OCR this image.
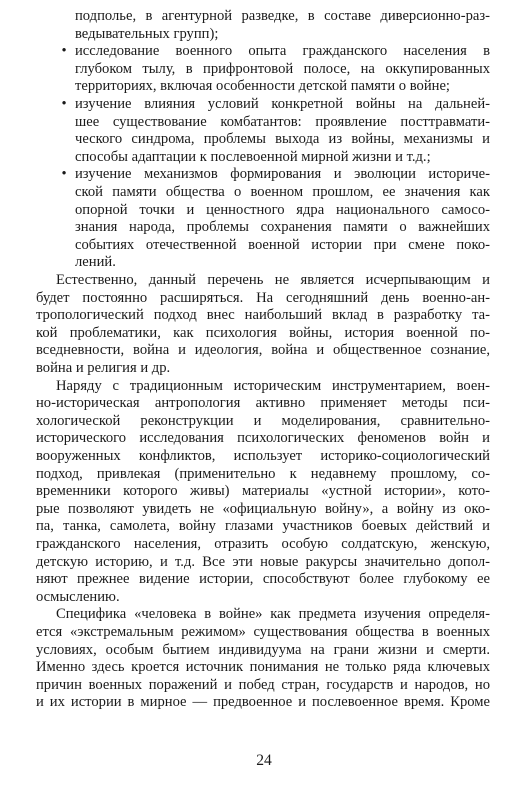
подполье, в агентурной разведке, в составе диверсионно-раз-
ведывательных групп);
• исследование военного опыта гражданского населения в
глубоком тылу, в прифронтовой полосе, на оккупированных
территориях, включая особенности детской памяти о войне;
• изучение влияния условий конкретной войны на дальней-
шее существование комбатантов: проявление посттравмати-
ческого синдрома, проблемы выхода из войны, механизмы и
способы адаптации к послевоенной мирной жизни и т.д.;
• изучение механизмов формирования и эволюции историче-
ской памяти общества о военном прошлом, ее значения как
опорной точки и ценностного ядра национального самосо-
знания народа, проблемы сохранения памяти о важнейших
событиях отечественной военной истории при смене поко-
лений.
Естественно, данный перечень не является исчерпывающим и
будет постоянно расширяться. На сегодняшний день военно-ан-
тропологический подход внес наибольший вклад в разработку та-
кой проблематики, как психология войны, история военной по-
вседневности, война и идеология, война и общественное сознание,
война и религия и др.
Наряду с традиционным историческим инструментарием, воен-
но-историческая антропология активно применяет методы пси-
хологической реконструкции и моделирования, сравнительно-
исторического исследования психологических феноменов войн и
вооруженных конфликтов, использует историко-социологический
подход, привлекая (применительно к недавнему прошлому, со-
временники которого живы) материалы «устной истории», кото-
рые позволяют увидеть не «официальную войну», а войну из око-
па, танка, самолета, войну глазами участников боевых действий и
гражданского населения, отразить особую солдатскую, женскую,
детскую историю, и т.д. Все эти новые ракурсы значительно допол-
няют прежнее видение истории, способствуют более глубокому ее
осмыслению.
Специфика «человека в войне» как предмета изучения определя-
ется «экстремальным режимом» существования общества в военных
условиях, особым бытием индивидуума на грани жизни и смерти.
Именно здесь кроется источник понимания не только ряда ключевых
причин военных поражений и побед стран, государств и народов, но
и их истории в мирное — предвоенное и послевоенное время. Кроме
24
